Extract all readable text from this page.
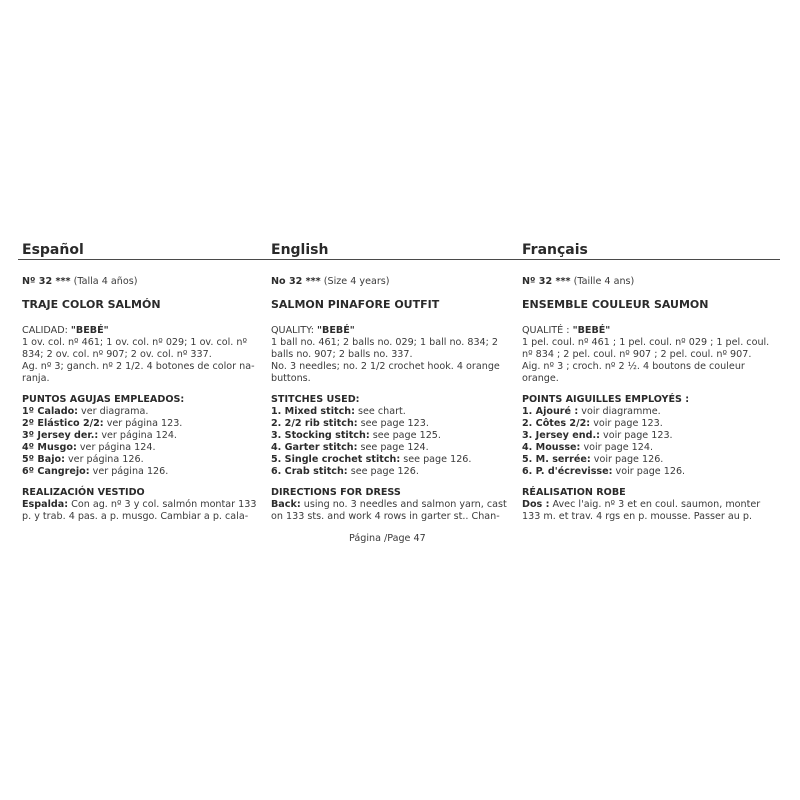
Español
Nº 32 *** (Talla 4 años)
TRAJE COLOR SALMÓN
CALIDAD: "BEBÉ"
1 ov. col. nº 461; 1 ov. col. nº 029; 1 ov. col. nº
834; 2 ov. col. nº 907; 2 ov. col. nº 337.
Ag. nº 3; ganch. nº 2 1/2. 4 botones de color na-
ranja.
PUNTOS AGUJAS EMPLEADOS:
1º Calado: ver diagrama.
2º Elástico 2/2: ver página 123.
3º Jersey der.: ver página 124.
4º Musgo: ver página 124.
5º Bajo: ver página 126.
6º Cangrejo: ver página 126.
REALIZACIÓN VESTIDO
Espalda: Con ag. nº 3 y col. salmón montar 133
p. y trab. 4 pas. a p. musgo. Cambiar a p. cala-
English
No 32 *** (Size 4 years)
SALMON PINAFORE OUTFIT
QUALITY: "BEBÉ"
1 ball no. 461; 2 balls no. 029; 1 ball no. 834; 2
balls no. 907; 2 balls no. 337.
No. 3 needles; no. 2 1/2 crochet hook. 4 orange
buttons.
STITCHES USED:
1. Mixed stitch: see chart.
2. 2/2 rib stitch: see page 123.
3. Stocking stitch: see page 125.
4. Garter stitch: see page 124.
5. Single crochet stitch: see page 126.
6. Crab stitch: see page 126.
DIRECTIONS FOR DRESS
Back: using no. 3 needles and salmon yarn, cast
on 133 sts. and work 4 rows in garter st.. Chan-
Français
Nº 32 *** (Taille 4 ans)
ENSEMBLE COULEUR SAUMON
QUALITÉ : "BEBÉ"
1 pel. coul. nº 461 ; 1 pel. coul. nº 029 ; 1 pel. coul.
nº 834 ; 2 pel. coul. nº 907 ; 2 pel. coul. nº 907.
Aig. nº 3 ; croch. nº 2 ½. 4 boutons de couleur
orange.
POINTS AIGUILLES EMPLOYÉS :
1. Ajouré : voir diagramme.
2. Côtes 2/2: voir page 123.
3. Jersey end.: voir page 123.
4. Mousse: voir page 124.
5. M. serrée: voir page 126.
6. P. d'écrevisse: voir page 126.
RÉALISATION ROBE
Dos : Avec l'aig. nº 3 et en coul. saumon, monter
133 m. et trav. 4 rgs en p. mousse. Passer au p.
Página /Page 47
